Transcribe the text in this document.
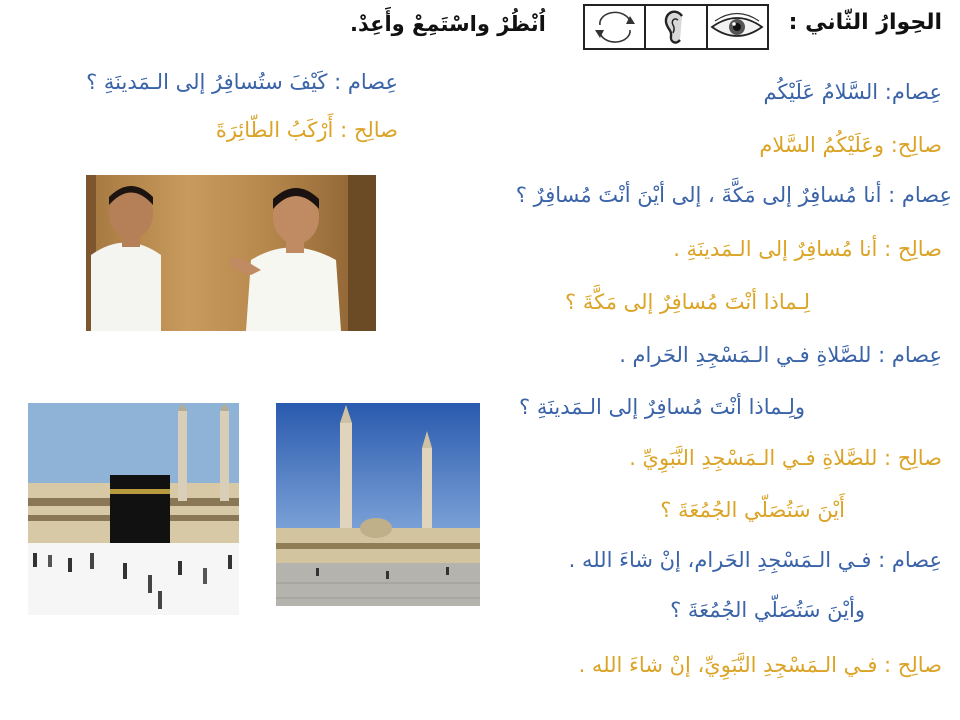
الحِوارُ الثّاني :
اُنْظُرْ واسْتَمِعْ وأَعِدْ.
عِصام: السَّلامُ عَلَيْكُم
صالِح: وعَلَيْكُمُ السَّلام
عِصام : أنا مُسافِرٌ إلى مَكَّةَ ، إلى أيْنَ أنْتَ مُسافِرٌ ؟
صالِح : أنا مُسافِرٌ إلى الـمَدينَةِ .
لِـماذا أنْتَ مُسافِرٌ إلى مَكَّةَ ؟
عِصام : للصَّلاةِ فـي الـمَسْجِدِ الحَرام .
ولِـماذا أنْتَ مُسافِرٌ إلى الـمَدينَةِ ؟
صالِح : للصَّلاةِ فـي الـمَسْجِدِ النَّبَوِيِّ .
أَيْنَ سَتُصَلّي الجُمُعَةَ ؟
عِصام : فـي الـمَسْجِدِ الحَرام، إنْ شاءَ الله .
وأيْنَ سَتُصَلّي الجُمُعَةَ ؟
صالِح : فـي الـمَسْجِدِ النَّبَوِيِّ، إنْ شاءَ الله .
عِصام : كَيْفَ ستُسافِرُ إلى الـمَدينَةِ ؟
صالِح : أَرْكَبُ الطّائِرَةَ
